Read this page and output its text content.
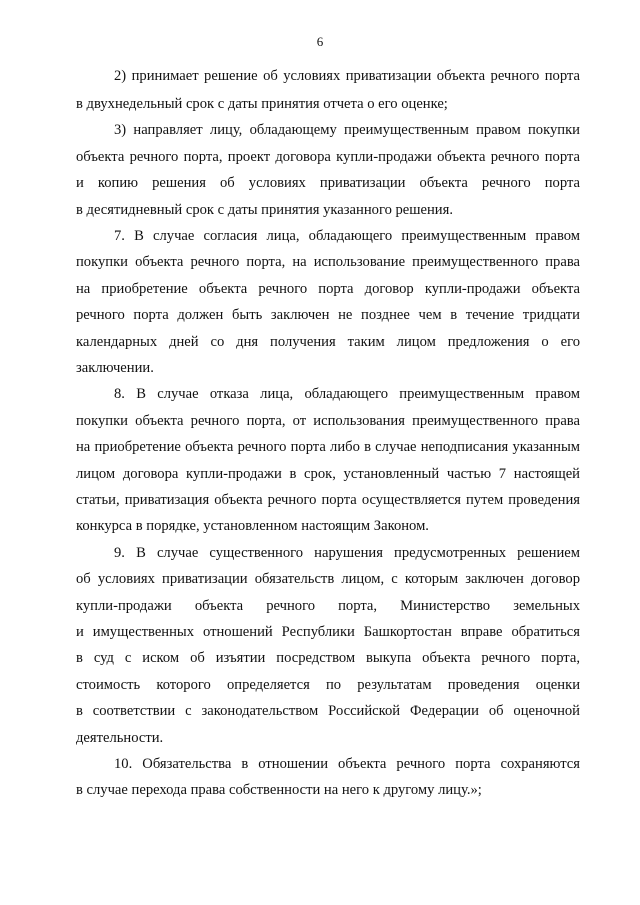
6
2) принимает решение об условиях приватизации объекта речного порта
в двухнедельный срок с даты принятия отчета о его оценке;
3) направляет лицу, обладающему преимущественным правом покупки
объекта речного порта, проект договора купли-продажи объекта речного порта
и копию решения об условиях приватизации объекта речного порта
в десятидневный срок с даты принятия указанного решения.
7. В случае согласия лица, обладающего преимущественным правом
покупки объекта речного порта, на использование преимущественного права
на приобретение объекта речного порта договор купли-продажи объекта
речного порта должен быть заключен не позднее чем в течение тридцати
календарных дней со дня получения таким лицом предложения о его
заключении.
8. В случае отказа лица, обладающего преимущественным правом
покупки объекта речного порта, от использования преимущественного права
на приобретение объекта речного порта либо в случае неподписания указанным
лицом договора купли-продажи в срок, установленный частью 7 настоящей
статьи, приватизация объекта речного порта осуществляется путем проведения
конкурса в порядке, установленном настоящим Законом.
9. В случае существенного нарушения предусмотренных решением
об условиях приватизации обязательств лицом, с которым заключен договор
купли-продажи объекта речного порта, Министерство земельных
и имущественных отношений Республики Башкортостан вправе обратиться
в суд с иском об изъятии посредством выкупа объекта речного порта,
стоимость которого определяется по результатам проведения оценки
в соответствии с законодательством Российской Федерации об оценочной
деятельности.
10. Обязательства в отношении объекта речного порта сохраняются
в случае перехода права собственности на него к другому лицу.»;
